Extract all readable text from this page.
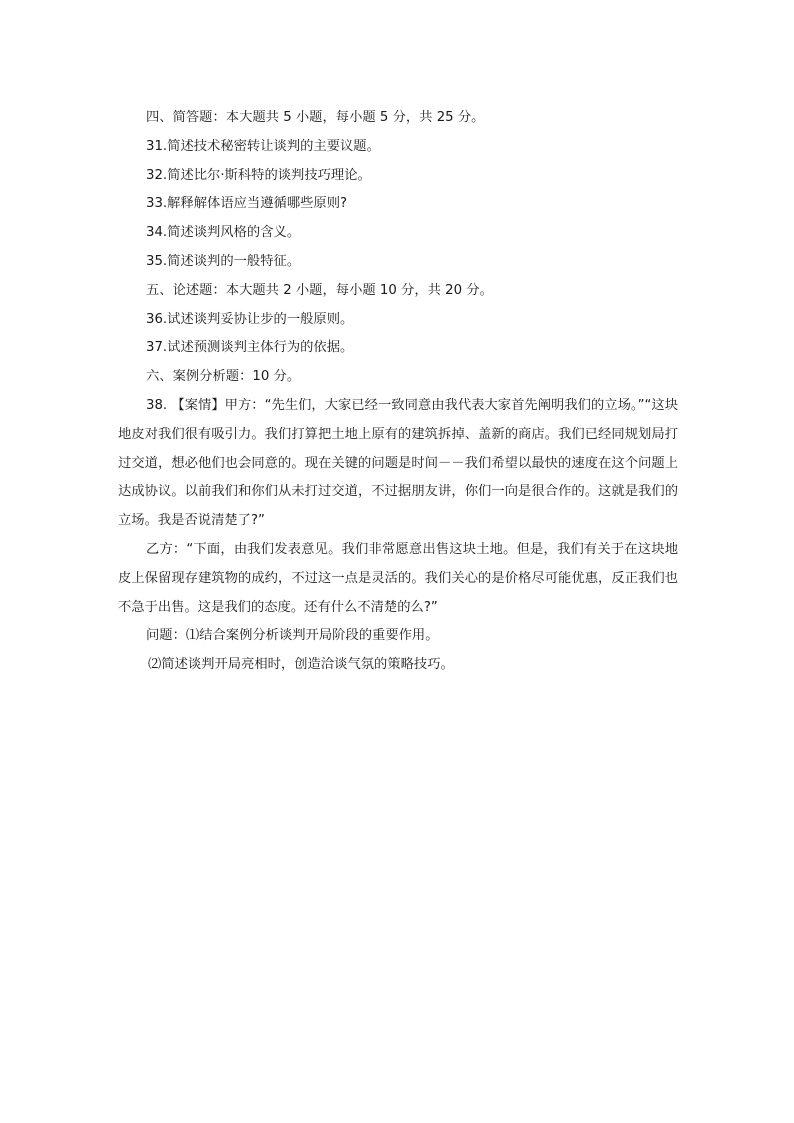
四、简答题：本大题共 5 小题，每小题 5 分，共 25 分。
31.简述技术秘密转让谈判的主要议题。
32.简述比尔·斯科特的谈判技巧理论。
33.解释解体语应当遵循哪些原则?
34.简述谈判风格的含义。
35.简述谈判的一般特征。
五、论述题：本大题共 2 小题，每小题 10 分，共 20 分。
36.试述谈判妥协让步的一般原则。
37.试述预测谈判主体行为的依据。
六、案例分析题：10 分。

38. 【案情】甲方：“先生们，大家已经一致同意由我代表大家首先阐明我们的立场。”“这块地皮对我们很有吸引力。我们打算把土地上原有的建筑拆掉、盖新的商店。我们已经同规划局打过交道，想必他们也会同意的。现在关键的问题是时间－－我们希望以最快的速度在这个问题上达成协议。以前我们和你们从未打过交道，不过据朋友讲，你们一向是很合作的。这就是我们的立场。我是否说清楚了?”

乙方：“下面，由我们发表意见。我们非常愿意出售这块土地。但是，我们有关于在这块地皮上保留现存建筑物的成约，不过这一点是灵活的。我们关心的是价格尽可能优惠，反正我们也不急于出售。这是我们的态度。还有什么不清楚的么?”

问题：⑴结合案例分析谈判开局阶段的重要作用。
⑵简述谈判开局亮相时，创造洽谈气氛的策略技巧。
